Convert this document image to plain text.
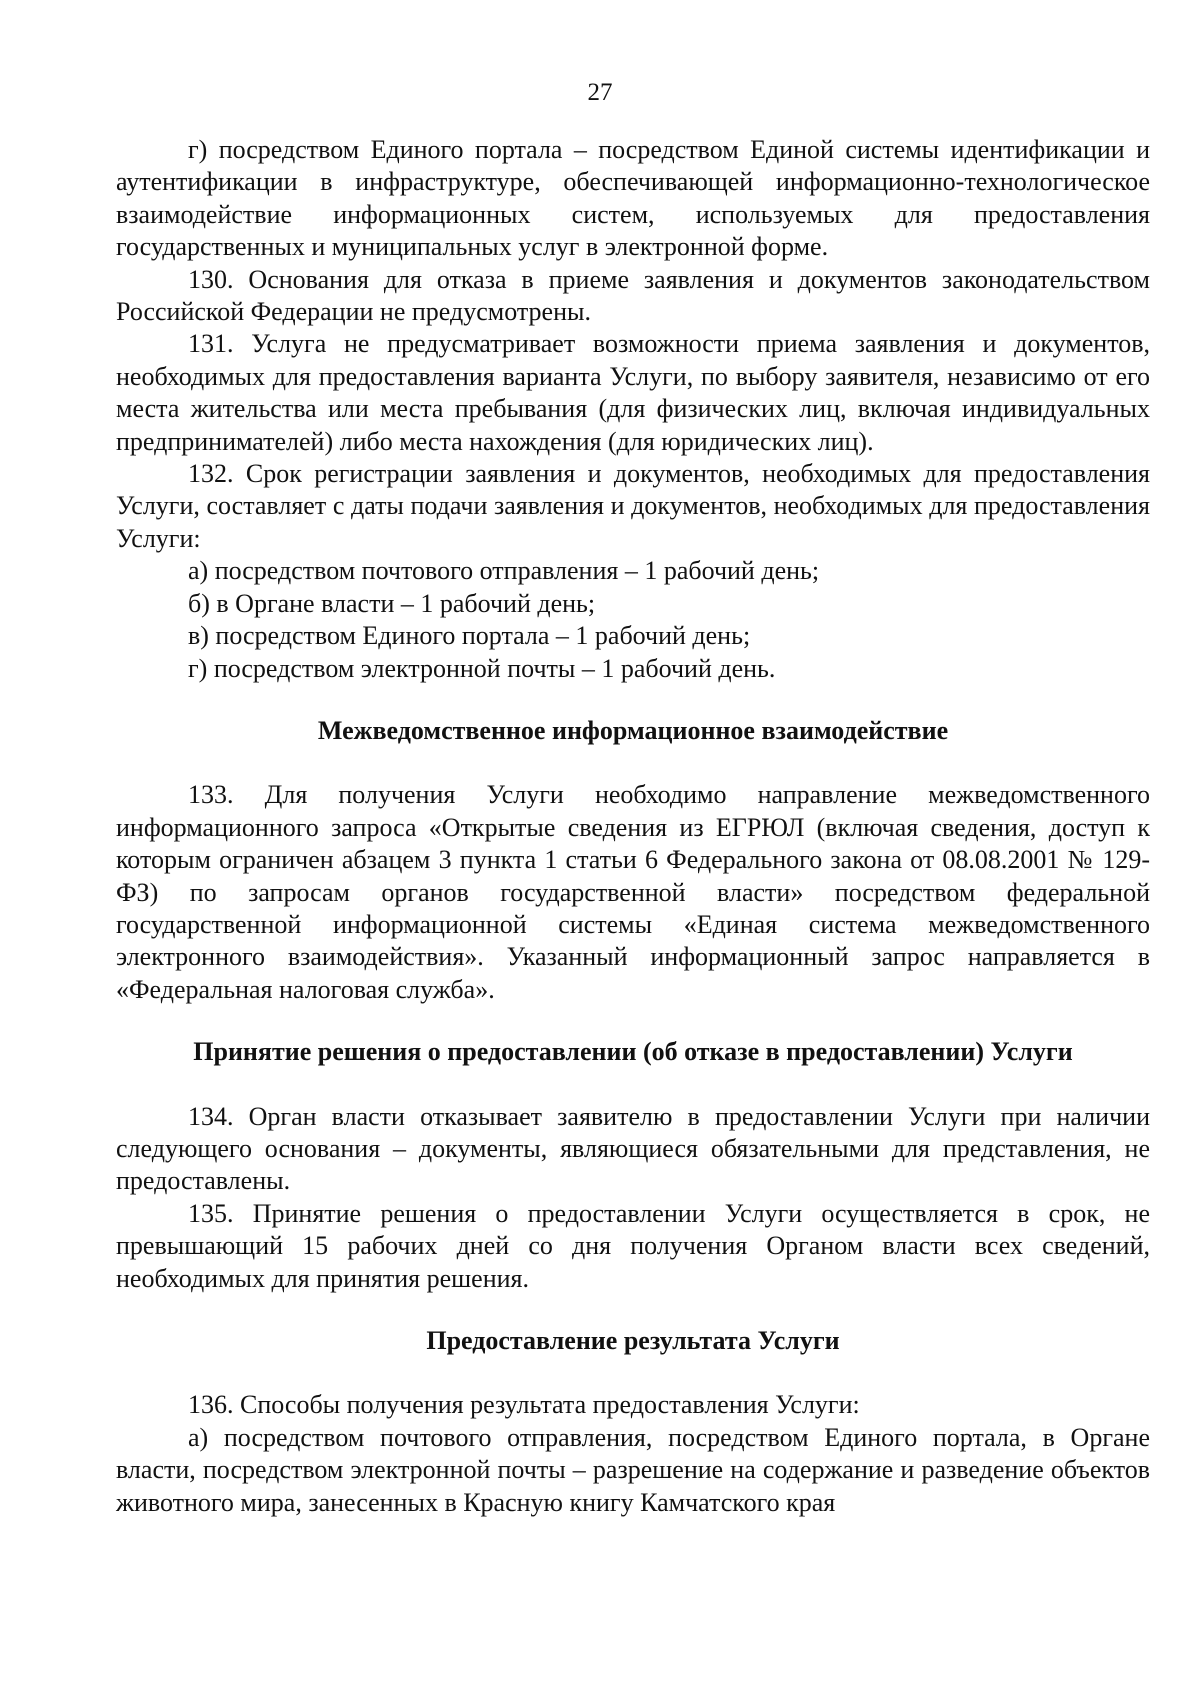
27

г) посредством Единого портала – посредством Единой системы идентификации и аутентификации в инфраструктуре, обеспечивающей информационно-технологическое взаимодействие информационных систем, используемых для предоставления государственных и муниципальных услуг в электронной форме.

130. Основания для отказа в приеме заявления и документов законодательством Российской Федерации не предусмотрены.

131. Услуга не предусматривает возможности приема заявления и документов, необходимых для предоставления варианта Услуги, по выбору заявителя, независимо от его места жительства или места пребывания (для физических лиц, включая индивидуальных предпринимателей) либо места нахождения (для юридических лиц).

132. Срок регистрации заявления и документов, необходимых для предоставления Услуги, составляет с даты подачи заявления и документов, необходимых для предоставления Услуги:

а) посредством почтового отправления – 1 рабочий день;

б) в Органе власти – 1 рабочий день;

в) посредством Единого портала – 1 рабочий день;

г) посредством электронной почты – 1 рабочий день.

Межведомственное информационное взаимодействие

133. Для получения Услуги необходимо направление межведомственного информационного запроса «Открытые сведения из ЕГРЮЛ (включая сведения, доступ к которым ограничен абзацем 3 пункта 1 статьи 6 Федерального закона от 08.08.2001 № 129-ФЗ) по запросам органов государственной власти» посредством федеральной государственной информационной системы «Единая система межведомственного электронного взаимодействия». Указанный информационный запрос направляется в «Федеральная налоговая служба».

Принятие решения о предоставлении (об отказе в предоставлении) Услуги

134. Орган власти отказывает заявителю в предоставлении Услуги при наличии следующего основания – документы, являющиеся обязательными для представления, не предоставлены.

135. Принятие решения о предоставлении Услуги осуществляется в срок, не превышающий 15 рабочих дней со дня получения Органом власти всех сведений, необходимых для принятия решения.

Предоставление результата Услуги

136. Способы получения результата предоставления Услуги:

а) посредством почтового отправления, посредством Единого портала, в Органе власти, посредством электронной почты – разрешение на содержание и разведение объектов животного мира, занесенных в Красную книгу Камчатского края
